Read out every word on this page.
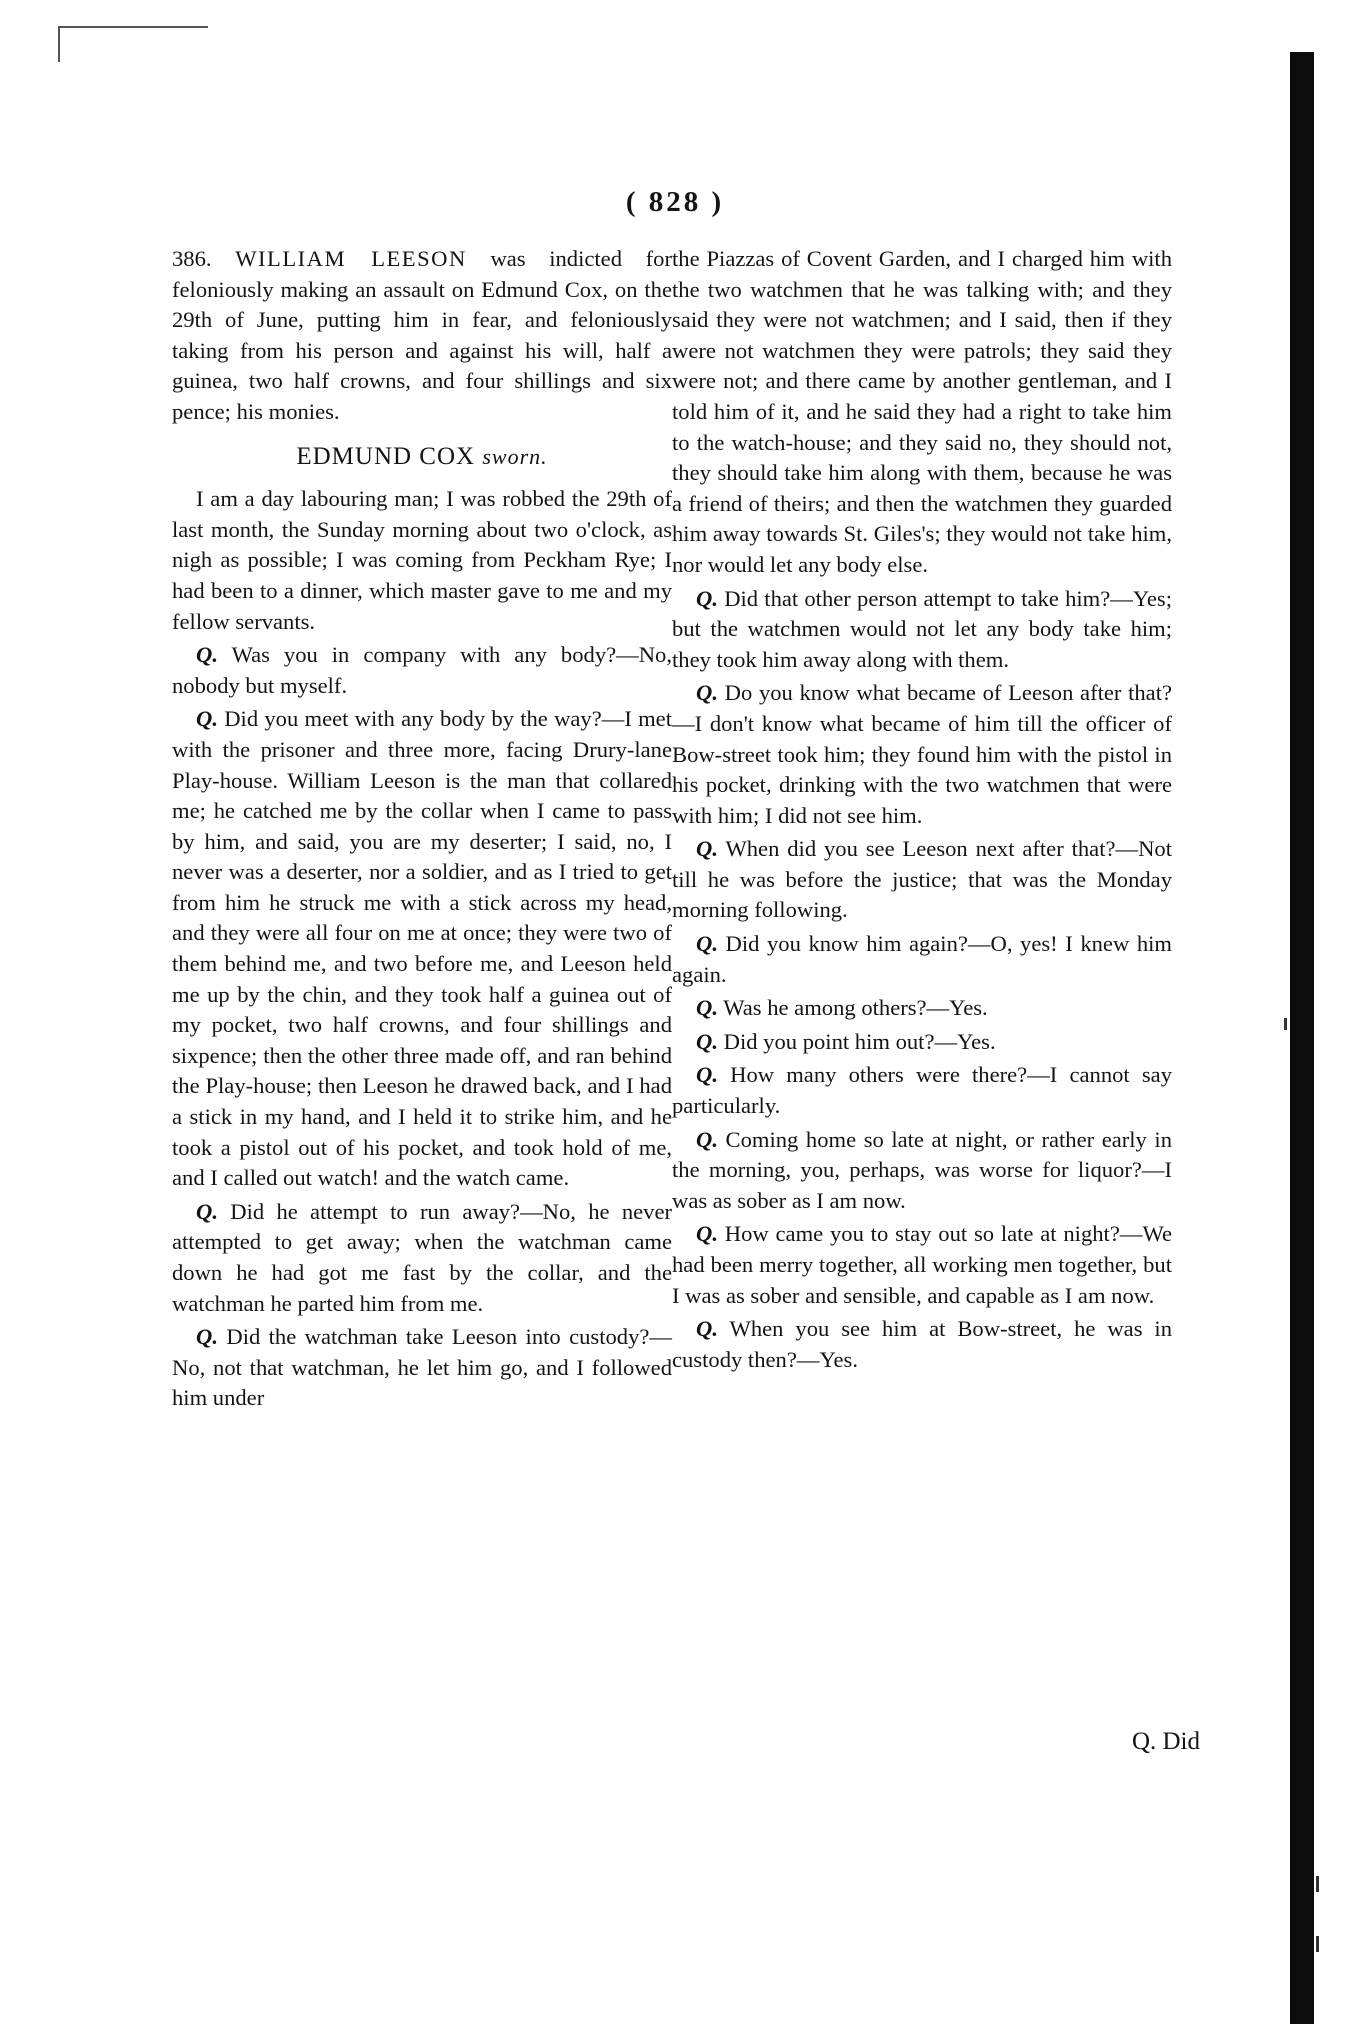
( 828 )

386. WILLIAM LEESON was indicted for feloniously making an assault on Edmund Cox, on the 29th of June, putting him in fear, and feloniously taking from his person and against his will, half a guinea, two half crowns, and four shillings and six pence; his monies.

EDMUND COX sworn.

I am a day labouring man; I was robbed the 29th of last month, the Sunday morning about two o'clock, as nigh as possible; I was coming from Peckham Rye; I had been to a dinner, which master gave to me and my fellow servants.

Q. Was you in company with any body?—No, nobody but myself.

Q. Did you meet with any body by the way?—I met with the prisoner and three more, facing Drury-lane Play-house. William Leeson is the man that collared me; he catched me by the collar when I came to pass by him, and said, you are my deserter; I said, no, I never was a deserter, nor a soldier, and as I tried to get from him he struck me with a stick across my head, and they were all four on me at once; they were two of them behind me, and two before me, and Leeson held me up by the chin, and they took half a guinea out of my pocket, two half crowns, and four shillings and sixpence; then the other three made off, and ran behind the Play-house; then Leeson he drawed back, and I had a stick in my hand, and I held it to strike him, and he took a pistol out of his pocket, and took hold of me, and I called out watch! and the watch came.

Q. Did he attempt to run away?—No, he never attempted to get away; when the watchman came down he had got me fast by the collar, and the watchman he parted him from me.

Q. Did the watchman take Leeson into custody?—No, not that watchman, he let him go, and I followed him under

the Piazzas of Covent Garden, and I charged him with the two watchmen that he was talking with; and they said they were not watchmen; and I said, then if they were not watchmen they were patrols; they said they were not; and there came by another gentleman, and I told him of it, and he said they had a right to take him to the watch-house; and they said no, they should not, they should take him along with them, because he was a friend of theirs; and then the watchmen they guarded him away towards St. Giles's; they would not take him, nor would let any body else.

Q. Did that other person attempt to take him?—Yes; but the watchmen would not let any body take him; they took him away along with them.

Q. Do you know what became of Leeson after that?—I don't know what became of him till the officer of Bow-street took him; they found him with the pistol in his pocket, drinking with the two watchmen that were with him; I did not see him.

Q. When did you see Leeson next after that?—Not till he was before the justice; that was the Monday morning following.

Q. Did you know him again?—O, yes! I knew him again.

Q. Was he among others?—Yes.

Q. Did you point him out?—Yes.

Q. How many others were there?—I cannot say particularly.

Q. Coming home so late at night, or rather early in the morning, you, perhaps, was worse for liquor?—I was as sober as I am now.

Q. How came you to stay out so late at night?—We had been merry together, all working men together, but I was as sober and sensible, and capable as I am now.

Q. When you see him at Bow-street, he was in custody then?—Yes.

Q. Did
